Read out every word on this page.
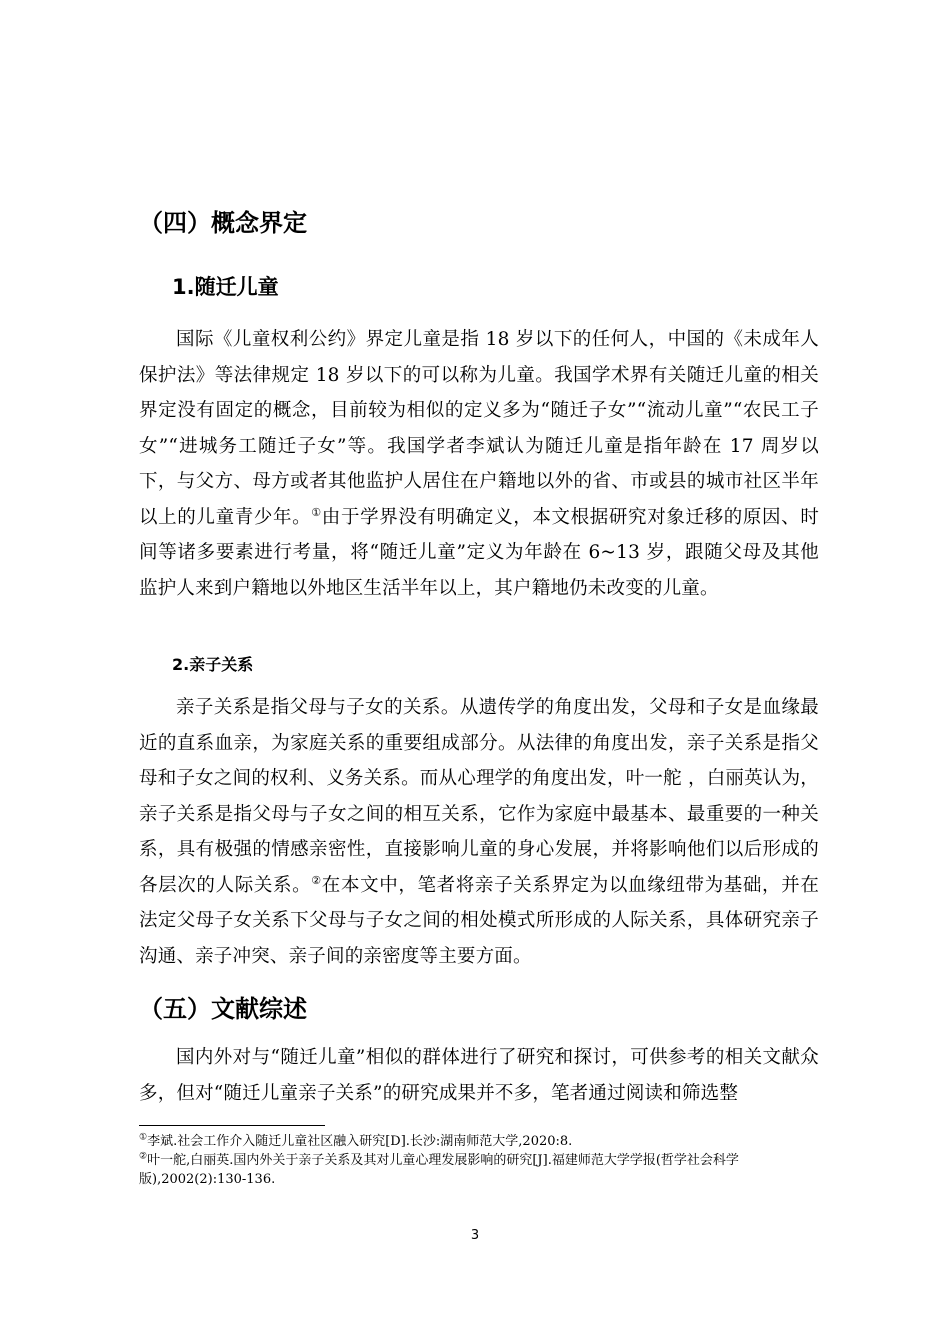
（四）概念界定
1.随迁儿童

国际《儿童权利公约》界定儿童是指 18 岁以下的任何人，中国的《未成年人保护法》等法律规定 18 岁以下的可以称为儿童。我国学术界有关随迁儿童的相关界定没有固定的概念，目前较为相似的定义多为“随迁子女”“流动儿童”“农民工子女”“进城务工随迁子女”等。我国学者李斌认为随迁儿童是指年龄在 17 周岁以下，与父方、母方或者其他监护人居住在户籍地以外的省、市或县的城市社区半年以上的儿童青少年。①由于学界没有明确定义，本文根据研究对象迁移的原因、时间等诸多要素进行考量，将“随迁儿童”定义为年龄在 6~13 岁，跟随父母及其他监护人来到户籍地以外地区生活半年以上，其户籍地仍未改变的儿童。

2.亲子关系

亲子关系是指父母与子女的关系。从遗传学的角度出发，父母和子女是血缘最近的直系血亲，为家庭关系的重要组成部分。从法律的角度出发，亲子关系是指父母和子女之间的权利、义务关系。而从心理学的角度出发，叶一舵 ，白丽英认为，亲子关系是指父母与子女之间的相互关系，它作为家庭中最基本、最重要的一种关系，具有极强的情感亲密性，直接影响儿童的身心发展，并将影响他们以后形成的各层次的人际关系。②在本文中，笔者将亲子关系界定为以血缘纽带为基础，并在法定父母子女关系下父母与子女之间的相处模式所形成的人际关系，具体研究亲子沟通、亲子冲突、亲子间的亲密度等主要方面。

（五）文献综述

国内外对与“随迁儿童”相似的群体进行了研究和探讨，可供参考的相关文献众多，但对“随迁儿童亲子关系”的研究成果并不多，笔者通过阅读和筛选整

①李斌.社会工作介入随迁儿童社区融入研究[D].长沙:湖南师范大学,2020:8.

②叶一舵,白丽英.国内外关于亲子关系及其对儿童心理发展影响的研究[J].福建师范大学学报(哲学社会科学版),2002(2):130-136.

3
